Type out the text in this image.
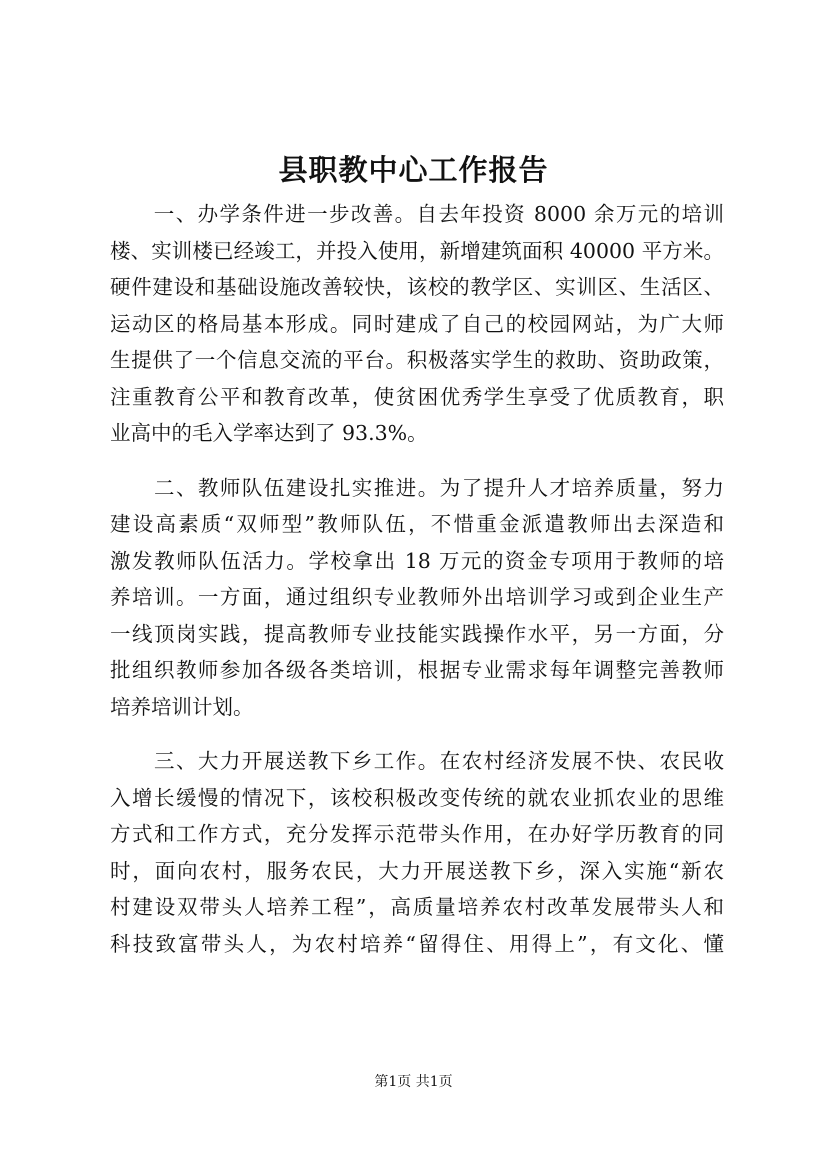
县职教中心工作报告
　　一、办学条件进一步改善。自去年投资 8000 余万元的培训
楼、实训楼已经竣工，并投入使用，新增建筑面积 40000 平方米。
硬件建设和基础设施改善较快，该校的教学区、实训区、生活区、
运动区的格局基本形成。同时建成了自己的校园网站，为广大师
生提供了一个信息交流的平台。积极落实学生的救助、资助政策，
注重教育公平和教育改革，使贫困优秀学生享受了优质教育，职
业高中的毛入学率达到了 93.3%。
　　二、教师队伍建设扎实推进。为了提升人才培养质量，努力
建设高素质“双师型”教师队伍，不惜重金派遣教师出去深造和
激发教师队伍活力。学校拿出 18 万元的资金专项用于教师的培
养培训。一方面，通过组织专业教师外出培训学习或到企业生产
一线顶岗实践，提高教师专业技能实践操作水平，另一方面，分
批组织教师参加各级各类培训，根据专业需求每年调整完善教师
培养培训计划。
　　三、大力开展送教下乡工作。在农村经济发展不快、农民收
入增长缓慢的情况下，该校积极改变传统的就农业抓农业的思维
方式和工作方式，充分发挥示范带头作用，在办好学历教育的同
时，面向农村，服务农民，大力开展送教下乡，深入实施“新农
村建设双带头人培养工程”，高质量培养农村改革发展带头人和
科技致富带头人，为农村培养“留得住、用得上”，有文化、懂
第1页 共1页
